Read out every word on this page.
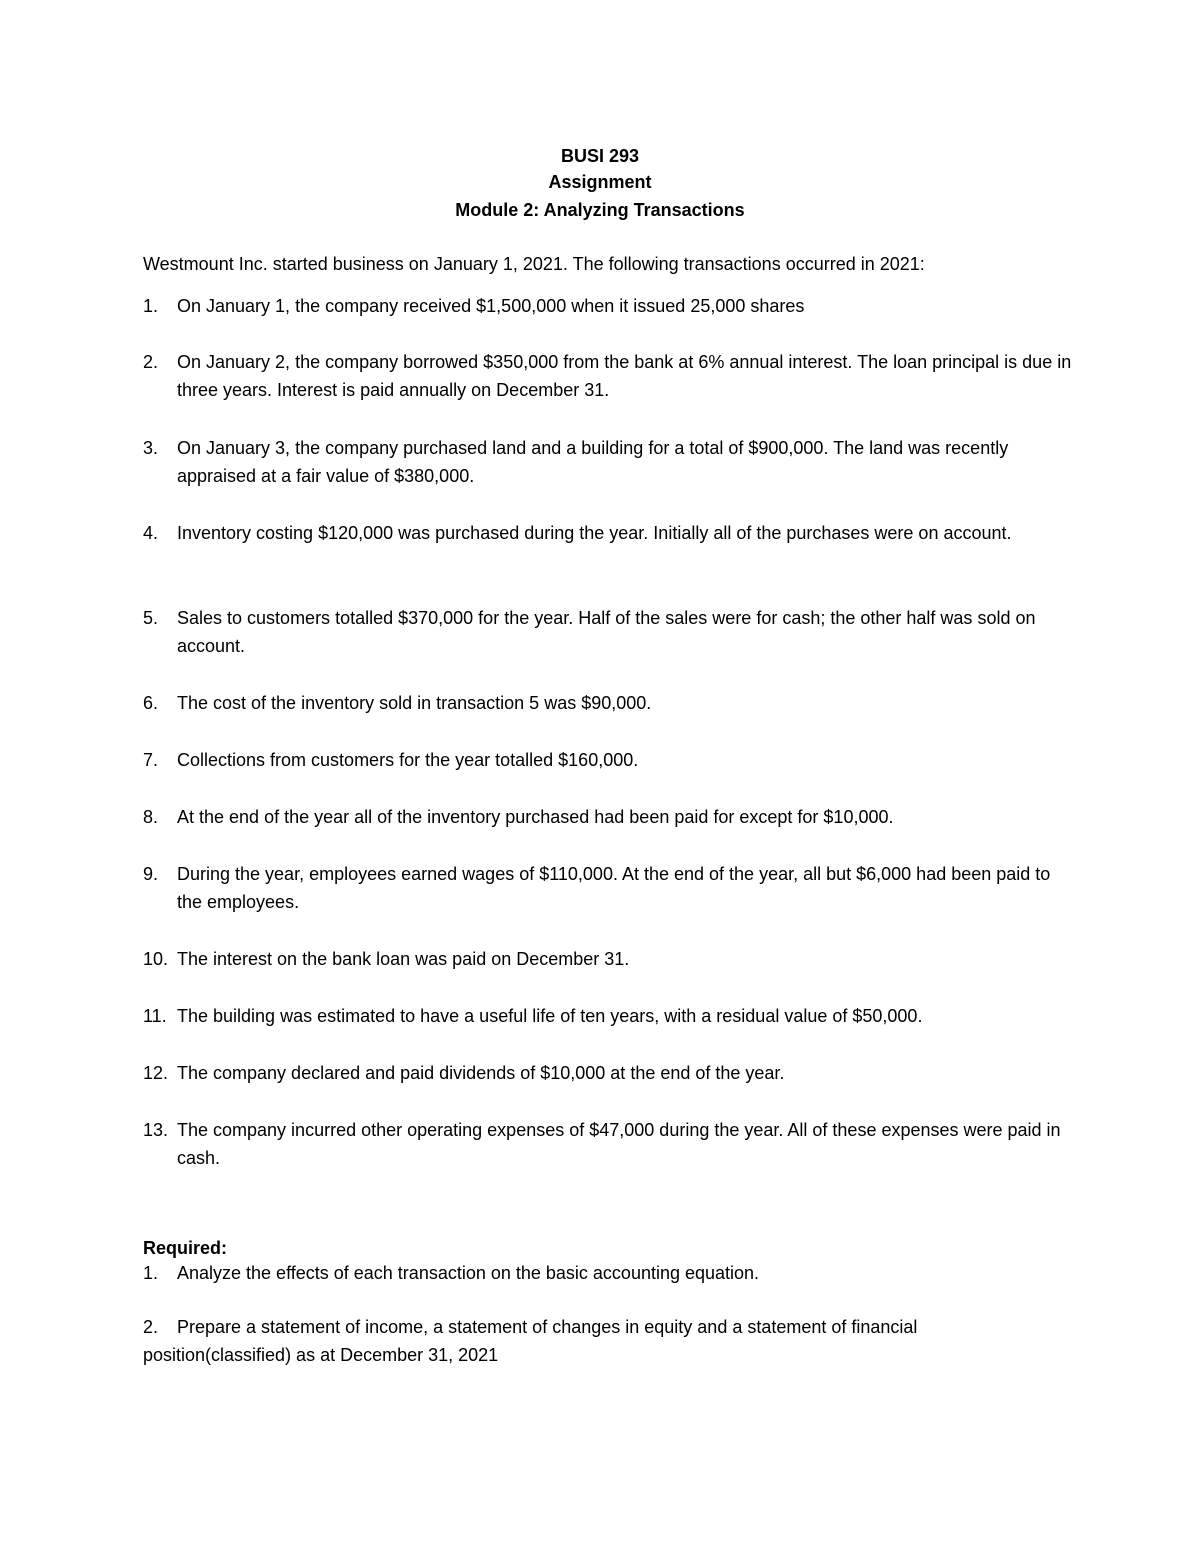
BUSI 293
Assignment
Module 2: Analyzing Transactions
Westmount Inc. started business on January 1, 2021. The following transactions occurred in 2021:
1.	On January 1, the company received $1,500,000 when it issued 25,000 shares
2.	On January 2, the company borrowed $350,000 from the bank at 6% annual interest. The loan principal is due in three years. Interest is paid annually on December 31.
3.	On January 3, the company purchased land and a building for a total of $900,000. The land was recently appraised at a fair value of $380,000.
4.	Inventory costing $120,000 was purchased during the year. Initially all of the purchases were on account.
5.	Sales to customers totalled $370,000 for the year. Half of the sales were for cash; the other half was sold on account.
6.	The cost of the inventory sold in transaction 5 was $90,000.
7.	Collections from customers for the year totalled $160,000.
8.	At the end of the year all of the inventory purchased had been paid for except for $10,000.
9.	During the year, employees earned wages of $110,000. At the end of the year, all but $6,000 had been paid to the employees.
10. The interest on the bank loan was paid on December 31.
11. The building was estimated to have a useful life of ten years, with a residual value of $50,000.
12. The company declared and paid dividends of $10,000 at the end of the year.
13. The company incurred other operating expenses of $47,000 during the year. All of these expenses were paid in cash.
Required:
1.	Analyze the effects of each transaction on the basic accounting equation.
2.	Prepare a statement of income, a statement of changes in equity and a statement of financial position(classified) as at December 31, 2021
